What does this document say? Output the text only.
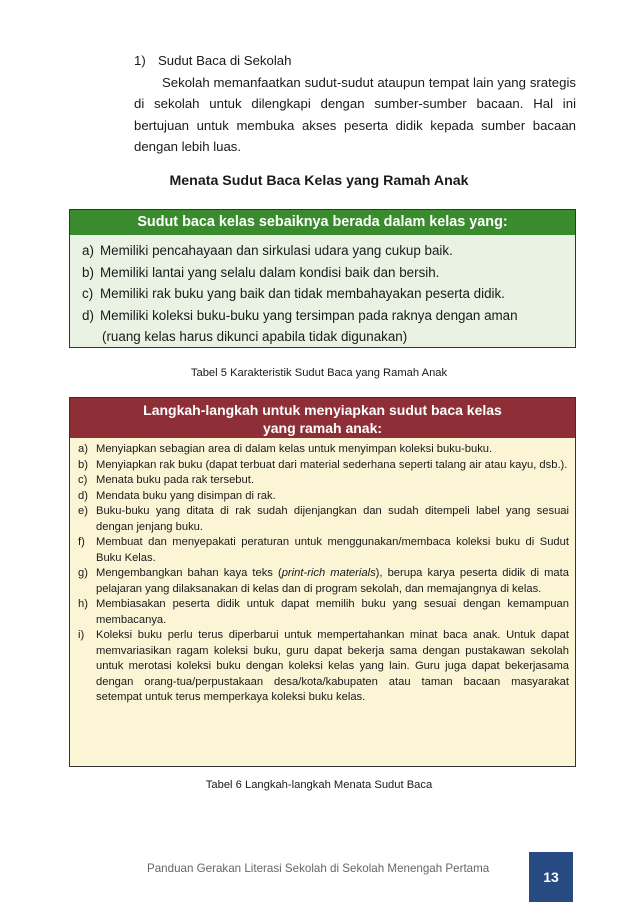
1) Sudut Baca di Sekolah

Sekolah memanfaatkan sudut-sudut ataupun tempat lain yang srategis di sekolah untuk dilengkapi dengan sumber-sumber bacaan. Hal ini bertujuan untuk membuka akses peserta didik kepada sumber bacaan dengan lebih luas.

Menata Sudut Baca Kelas yang Ramah Anak
Sudut baca kelas sebaiknya berada dalam kelas yang:
a) Memiliki pencahayaan dan sirkulasi udara yang cukup baik.
b) Memiliki lantai yang selalu dalam kondisi baik dan bersih.
c) Memiliki rak buku yang baik dan tidak membahayakan peserta didik.
d) Memiliki koleksi buku-buku yang tersimpan pada raknya dengan aman
(ruang kelas harus dikunci apabila tidak digunakan)
Tabel 5 Karakteristik Sudut Baca yang Ramah Anak
Langkah-langkah untuk menyiapkan sudut baca kelas
yang ramah anak:
a) Menyiapkan sebagian area di dalam kelas untuk menyimpan koleksi buku-buku.
b) Menyiapkan rak buku (dapat terbuat dari material sederhana seperti talang air atau kayu, dsb.).
c) Menata buku pada rak tersebut.
d) Mendata buku yang disimpan di rak.
e) Buku-buku yang ditata di rak sudah dijenjangkan dan sudah ditempeli label yang sesuai dengan jenjang buku.
f) Membuat dan menyepakati peraturan untuk menggunakan/membaca koleksi buku di Sudut Buku Kelas.
g) Mengembangkan bahan kaya teks (print-rich materials), berupa karya peserta didik di mata pelajaran yang dilaksanakan di kelas dan di program sekolah, dan memajangnya di kelas.
h) Membiasakan peserta didik untuk dapat memilih buku yang sesuai dengan kemampuan membacanya.
i)	Koleksi buku perlu terus diperbarui untuk mempertahankan minat baca anak. Untuk dapat memvariasikan ragam koleksi buku, guru dapat bekerja sama dengan pustakawan sekolah untuk merotasi koleksi buku dengan koleksi kelas yang lain. Guru juga dapat bekerjasama dengan orang-tua/perpustakaan desa/kota/kabupaten atau taman bacaan masyarakat setempat untuk terus memperkaya koleksi buku kelas.
Tabel 6 Langkah-langkah Menata Sudut Baca
Panduan Gerakan Literasi Sekolah di Sekolah Menengah Pertama
13
